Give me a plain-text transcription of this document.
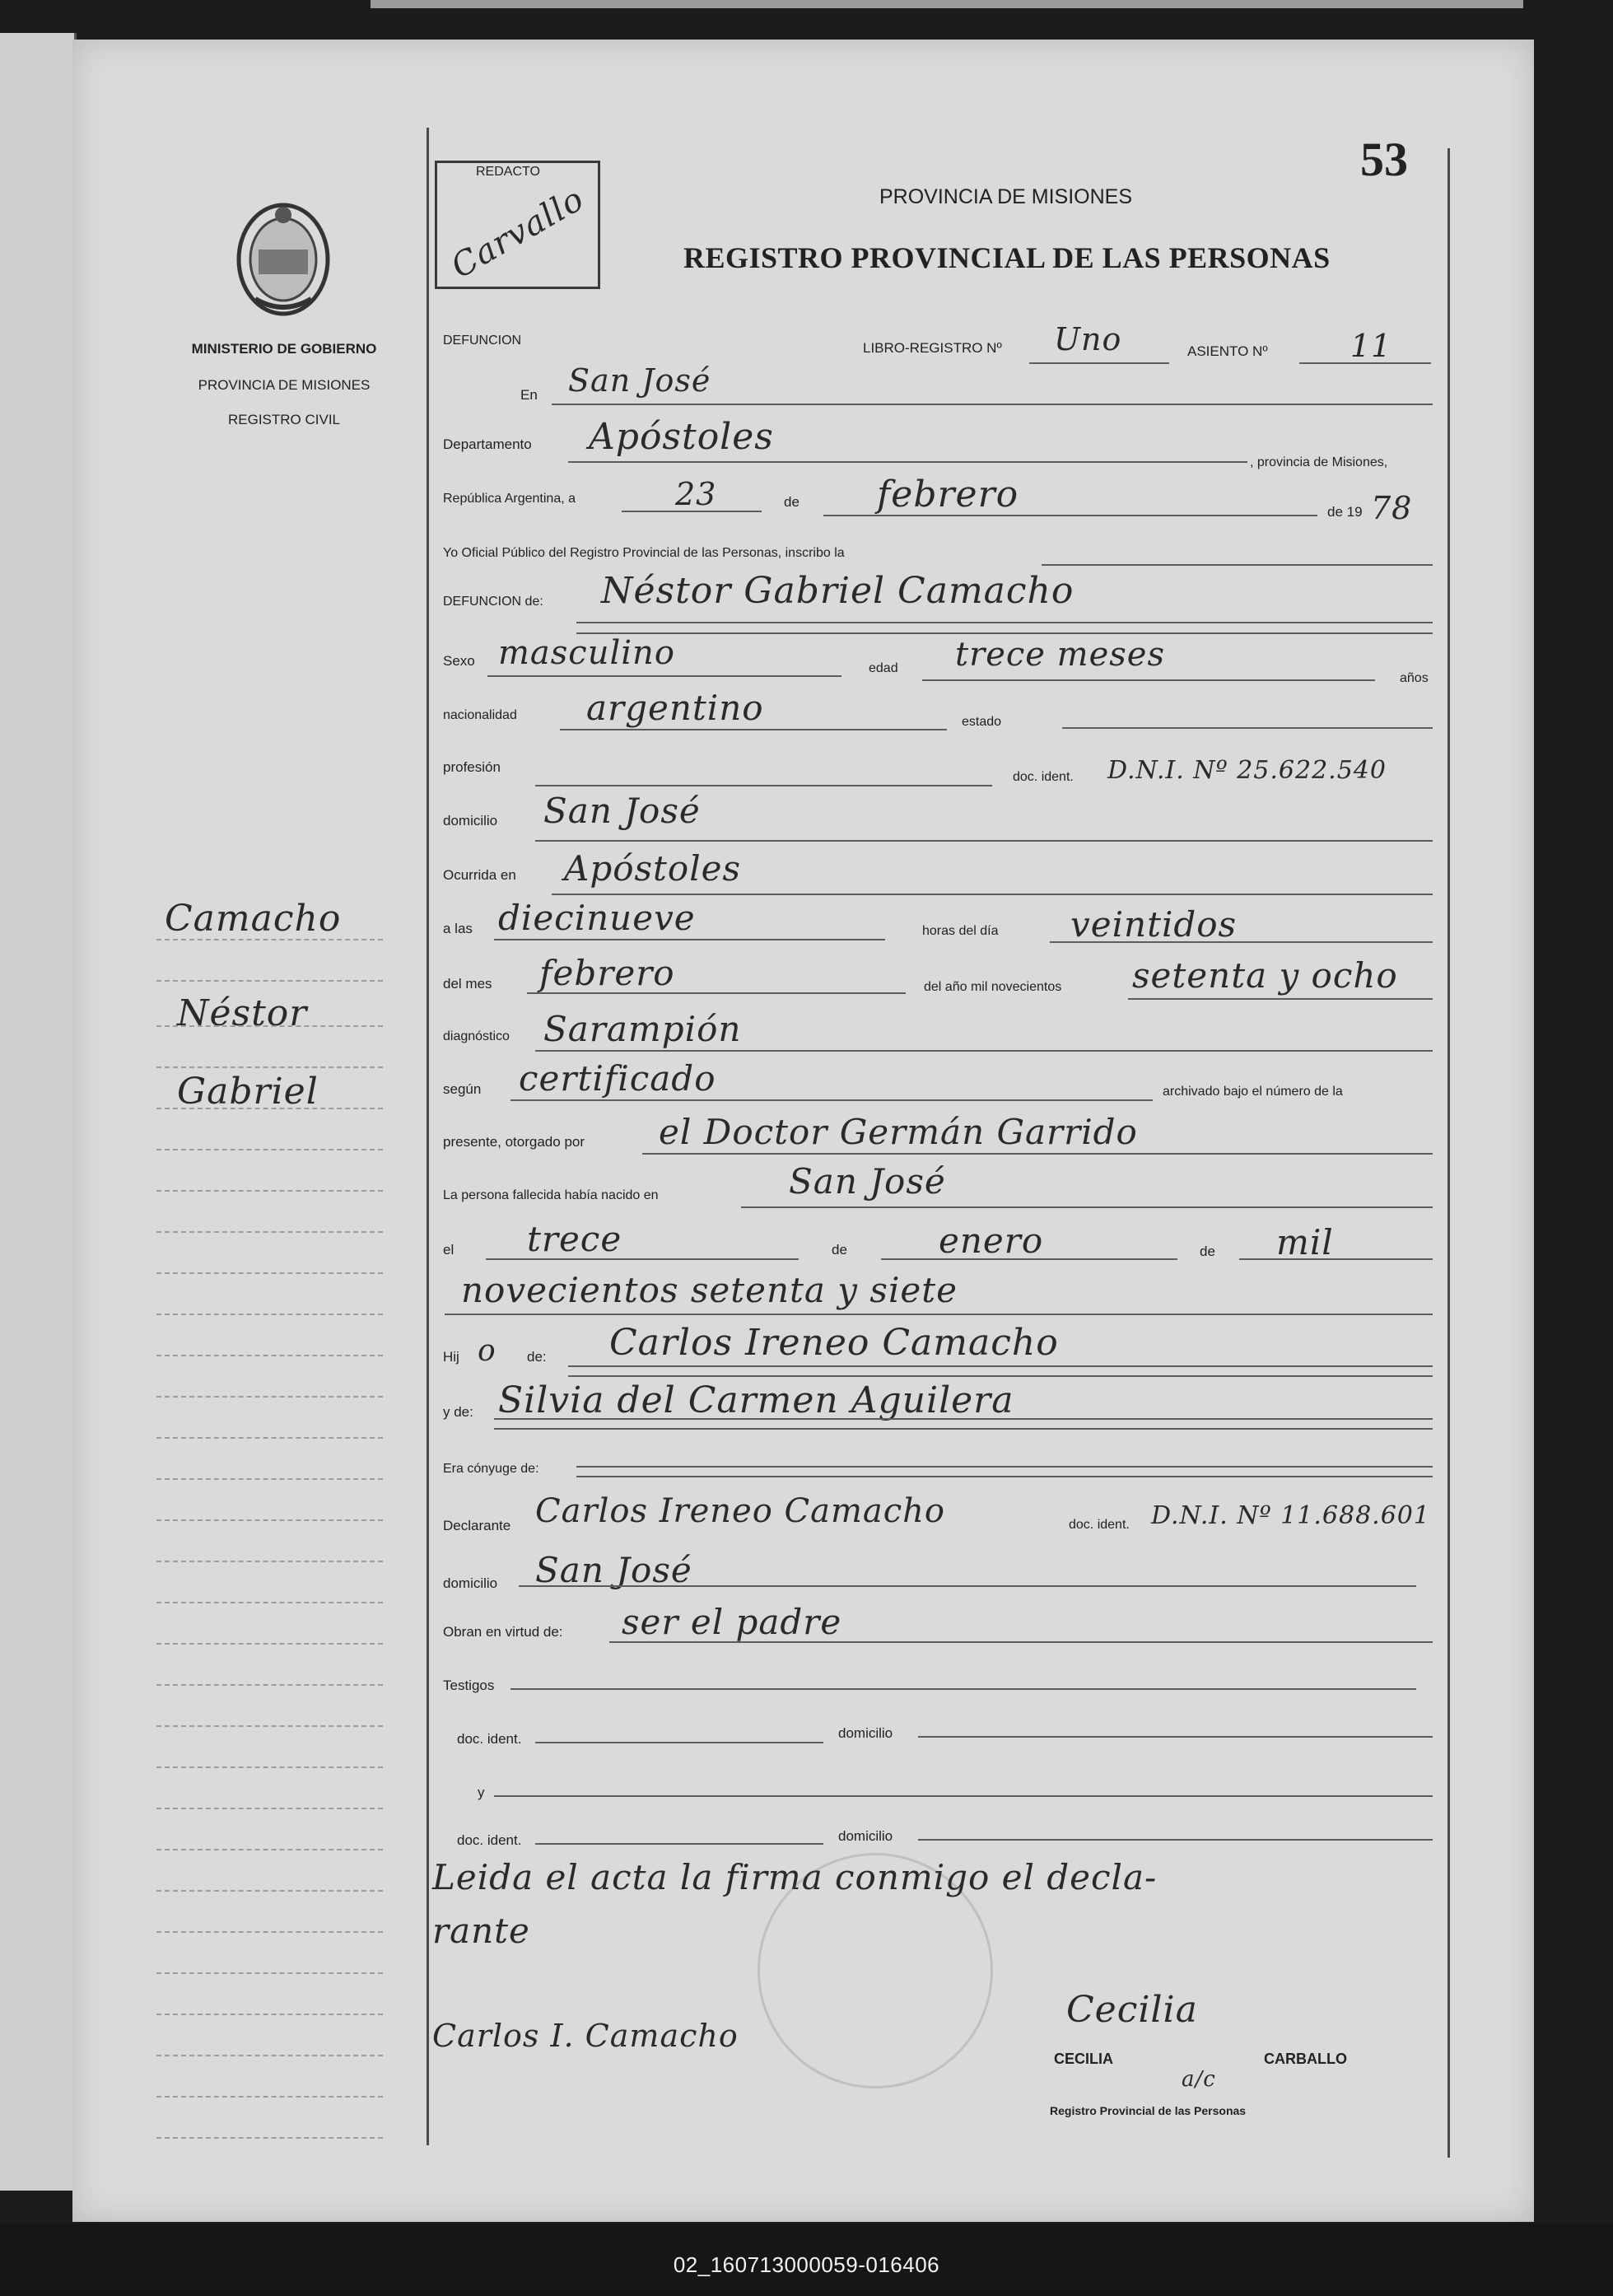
MINISTERIO DE GOBIERNO
PROVINCIA DE MISIONES
REGISTRO CIVIL
Camacho
Néstor
Gabriel
REDACTO
Carvallo
53
PROVINCIA DE MISIONES
REGISTRO PROVINCIAL DE LAS PERSONAS
DEFUNCION	LIBRO-REGISTRO Nº Uno	ASIENTO Nº	11
En San José
Departamento Apóstoles
, provincia de Misiones,
República Argentina, a	23	de febrero	de 19 78
Yo Oficial Público del Registro Provincial de las Personas, inscribo la
DEFUNCION de: Néstor Gabriel Camacho
Sexo masculino	edad trece meses
años
nacionalidad argentino	estado
profesión
doc. ident. D.N.I. Nº 25.622.540
domicilio San José
Ocurrida en Apóstoles
a las diecinueve	horas del día veintidos
del mes febrero	del año mil novecientos setenta y ocho
diagnóstico Sarampión
según certificado	archivado bajo el número de la
presente, otorgado por el Doctor Germán Garrido
La persona fallecida había nacido en	San José
el trece	de	enero	de mil
novecientos setenta y siete
Hij o de: Carlos Ireneo Camacho
y de: Silvia del Carmen Aguilera
Era cónyuge de:
Declarante Carlos Ireneo Camacho	doc. ident. D.N.I. Nº 11.688.601
domicilio San José
Obran en virtud de: ser el padre
Testigos
doc. ident.	domicilio
y
doc. ident.	domicilio
Leida el acta la firma conmigo el decla-
rante
Carlos I. Camacho
Cecilia
CECILIA	CARBALLO
a/c
Registro Provincial de las Personas
02_160713000059-016406
